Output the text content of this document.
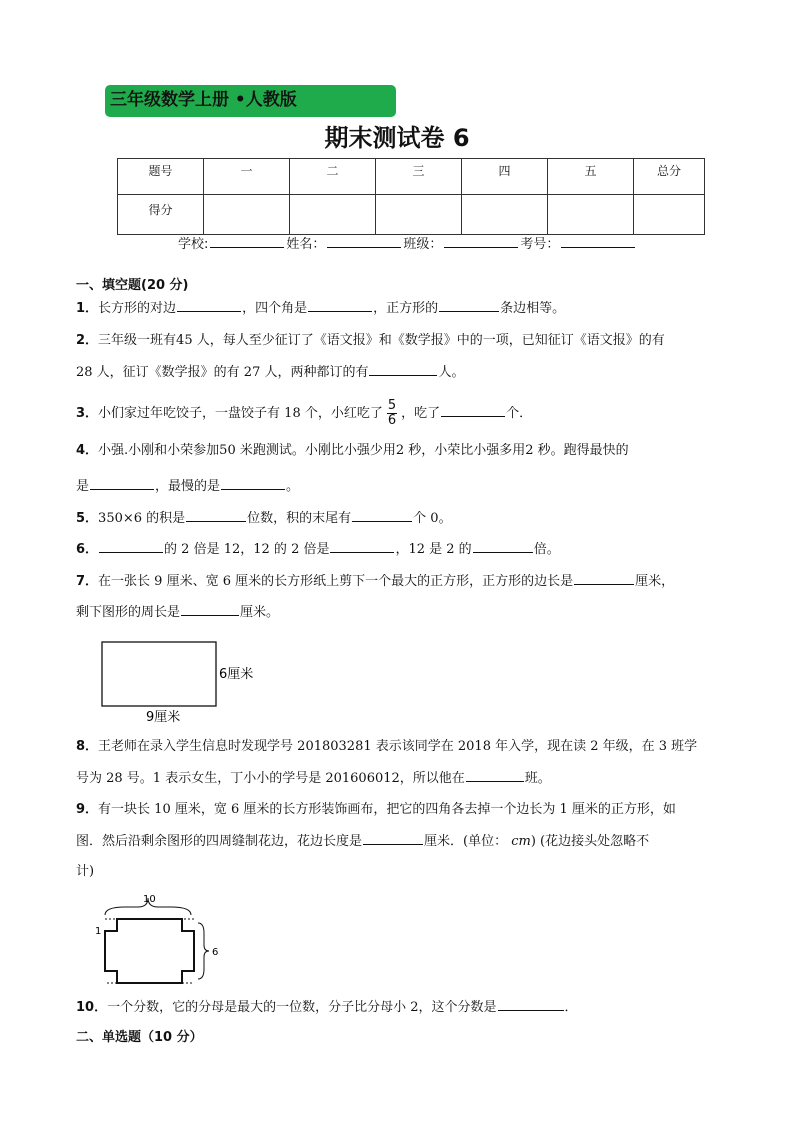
三年级数学上册 •人教版
期末测试卷 6
题号	一	二	三	四	五	总分
得分						
学校:	姓名：	班级：	考号：
一、填空题(20 分)
1．长方形的对边	，四个角是	，正方形的	条边相等。
2．三年级一班有45 人，每人至少征订了《语文报》和《数学报》中的一项，已知征订《语文报》的有
28 人，征订《数学报》的有 27 人，两种都订的有	人。
3．小们家过年吃饺子，一盘饺子有 18 个，小红吃了 $\frac{5}{6}$ ，吃了	个．
4．小强.小刚和小荣参加50 米跑测试。小刚比小强少用2 秒，小荣比小强多用2 秒。跑得最快的
是	，最慢的是	。
5．350×6 的积是	位数，积的末尾有	个 0。
6．	的 2 倍是 12，12 的 2 倍是	，12 是 2 的	倍。
7．在一张长 9 厘米、宽 6 厘米的长方形纸上剪下一个最大的正方形，正方形的边长是	厘米，
剩下图形的周长是	厘米。
6厘米
9厘米
8．王老师在录入学生信息时发现学号 201803281 表示该同学在 2018 年入学，现在读 2 年级，在 3 班学
号为 28 号。1 表示女生，丁小小的学号是 201606012，所以他在	班。
9．有一块长 10 厘米，宽 6 厘米的长方形装饰画布，把它的四角各去掉一个边长为 1 厘米的正方形，如
图．然后沿剩余图形的四周缝制花边，花边长度是	厘米．(单位： cm) (花边接头处忽略不
计)
10
1
6
10．一个分数，它的分母是最大的一位数，分子比分母小 2，这个分数是	．
二、单选题（10 分）
